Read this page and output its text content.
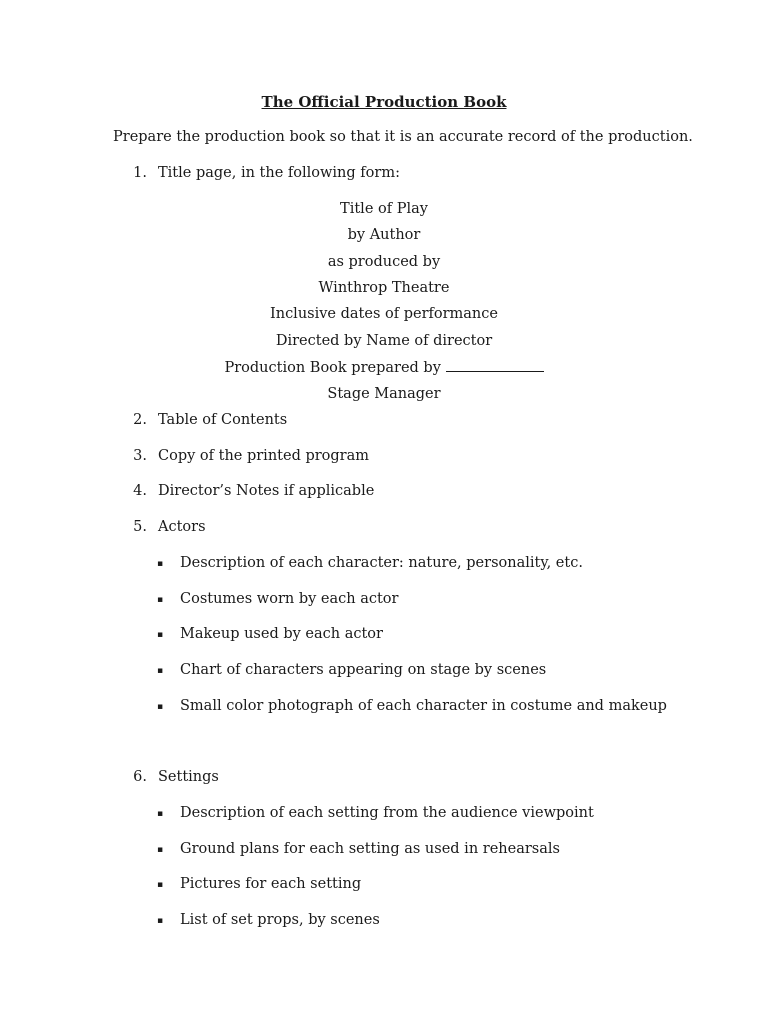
The Official Production Book
Prepare the production book so that it is an accurate record of the production.
1. Title page, in the following form:
Title of Play
by Author
as produced by
Winthrop Theatre
Inclusive dates of performance
Directed by Name of director
Production Book prepared by
Stage Manager
2. Table of Contents
3. Copy of the printed program
4. Director’s Notes if applicable
5. Actors
▪ Description of each character: nature, personality, etc.
▪ Costumes worn by each actor
▪ Makeup used by each actor
▪ Chart of characters appearing on stage by scenes
▪ Small color photograph of each character in costume and makeup
6. Settings
▪ Description of each setting from the audience viewpoint
▪ Ground plans for each setting as used in rehearsals
▪ Pictures for each setting
▪ List of set props, by scenes
